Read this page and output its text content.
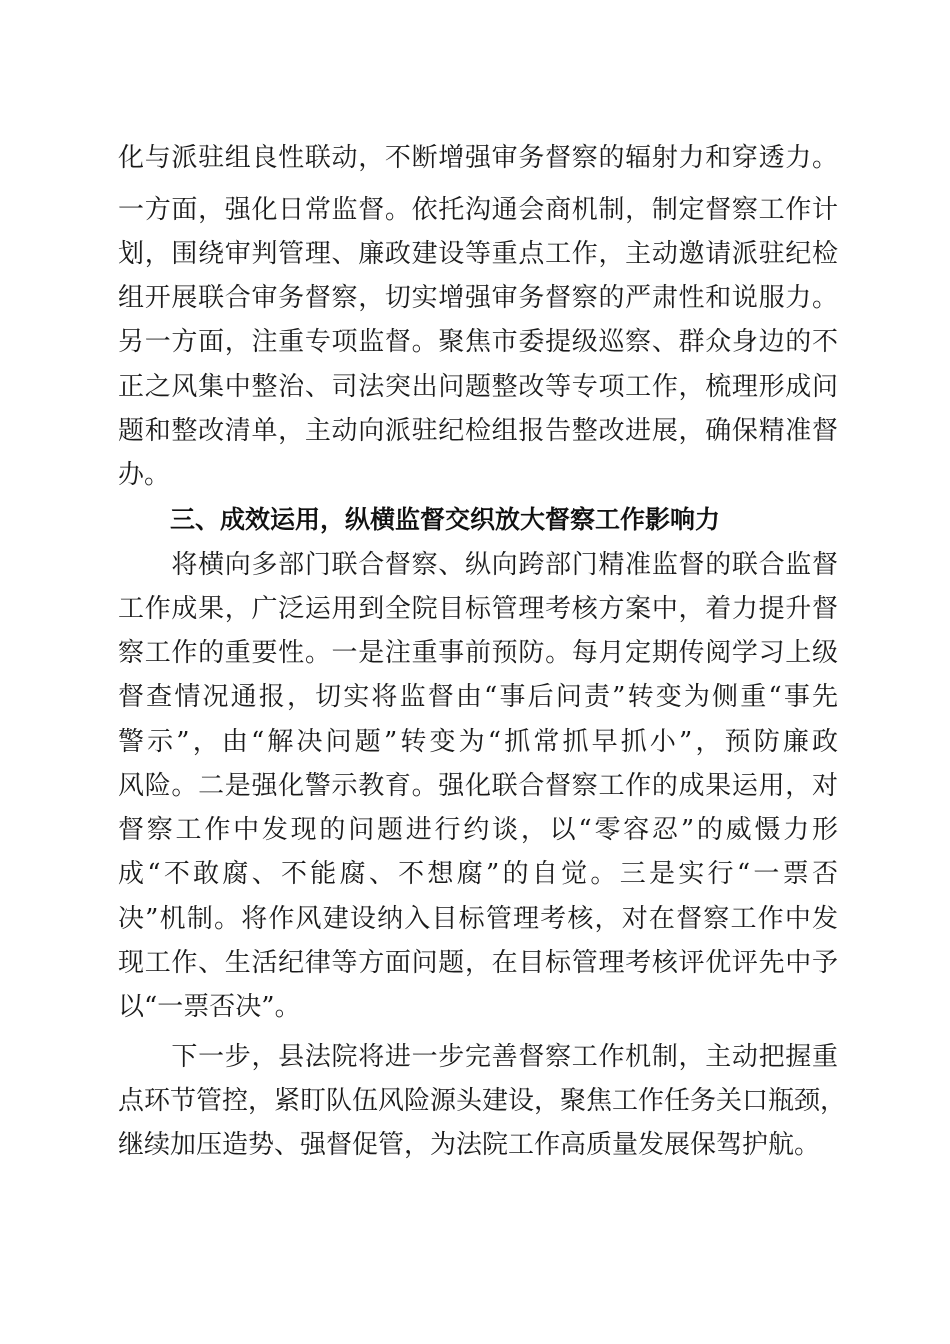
化与派驻组良性联动，不断增强审务督察的辐射力和穿透力。
一方面，强化日常监督。依托沟通会商机制，制定督察工作计
划，围绕审判管理、廉政建设等重点工作，主动邀请派驻纪检
组开展联合审务督察，切实增强审务督察的严肃性和说服力。
另一方面，注重专项监督。聚焦市委提级巡察、群众身边的不
正之风集中整治、司法突出问题整改等专项工作，梳理形成问
题和整改清单，主动向派驻纪检组报告整改进展，确保精准督
办。
三、成效运用，纵横监督交织放大督察工作影响力
　　将横向多部门联合督察、纵向跨部门精准监督的联合监督
工作成果，广泛运用到全院目标管理考核方案中，着力提升督
察工作的重要性。一是注重事前预防。每月定期传阅学习上级
督查情况通报，切实将监督由“事后问责”转变为侧重“事先
警示”，由“解决问题”转变为“抓常抓早抓小”，预防廉政
风险。二是强化警示教育。强化联合督察工作的成果运用，对
督察工作中发现的问题进行约谈，以“零容忍”的威慑力形
成“不敢腐、不能腐、不想腐”的自觉。三是实行“一票否
决”机制。将作风建设纳入目标管理考核，对在督察工作中发
现工作、生活纪律等方面问题，在目标管理考核评优评先中予
以“一票否决”。
　　下一步，县法院将进一步完善督察工作机制，主动把握重
点环节管控，紧盯队伍风险源头建设，聚焦工作任务关口瓶颈，
继续加压造势、强督促管，为法院工作高质量发展保驾护航。
